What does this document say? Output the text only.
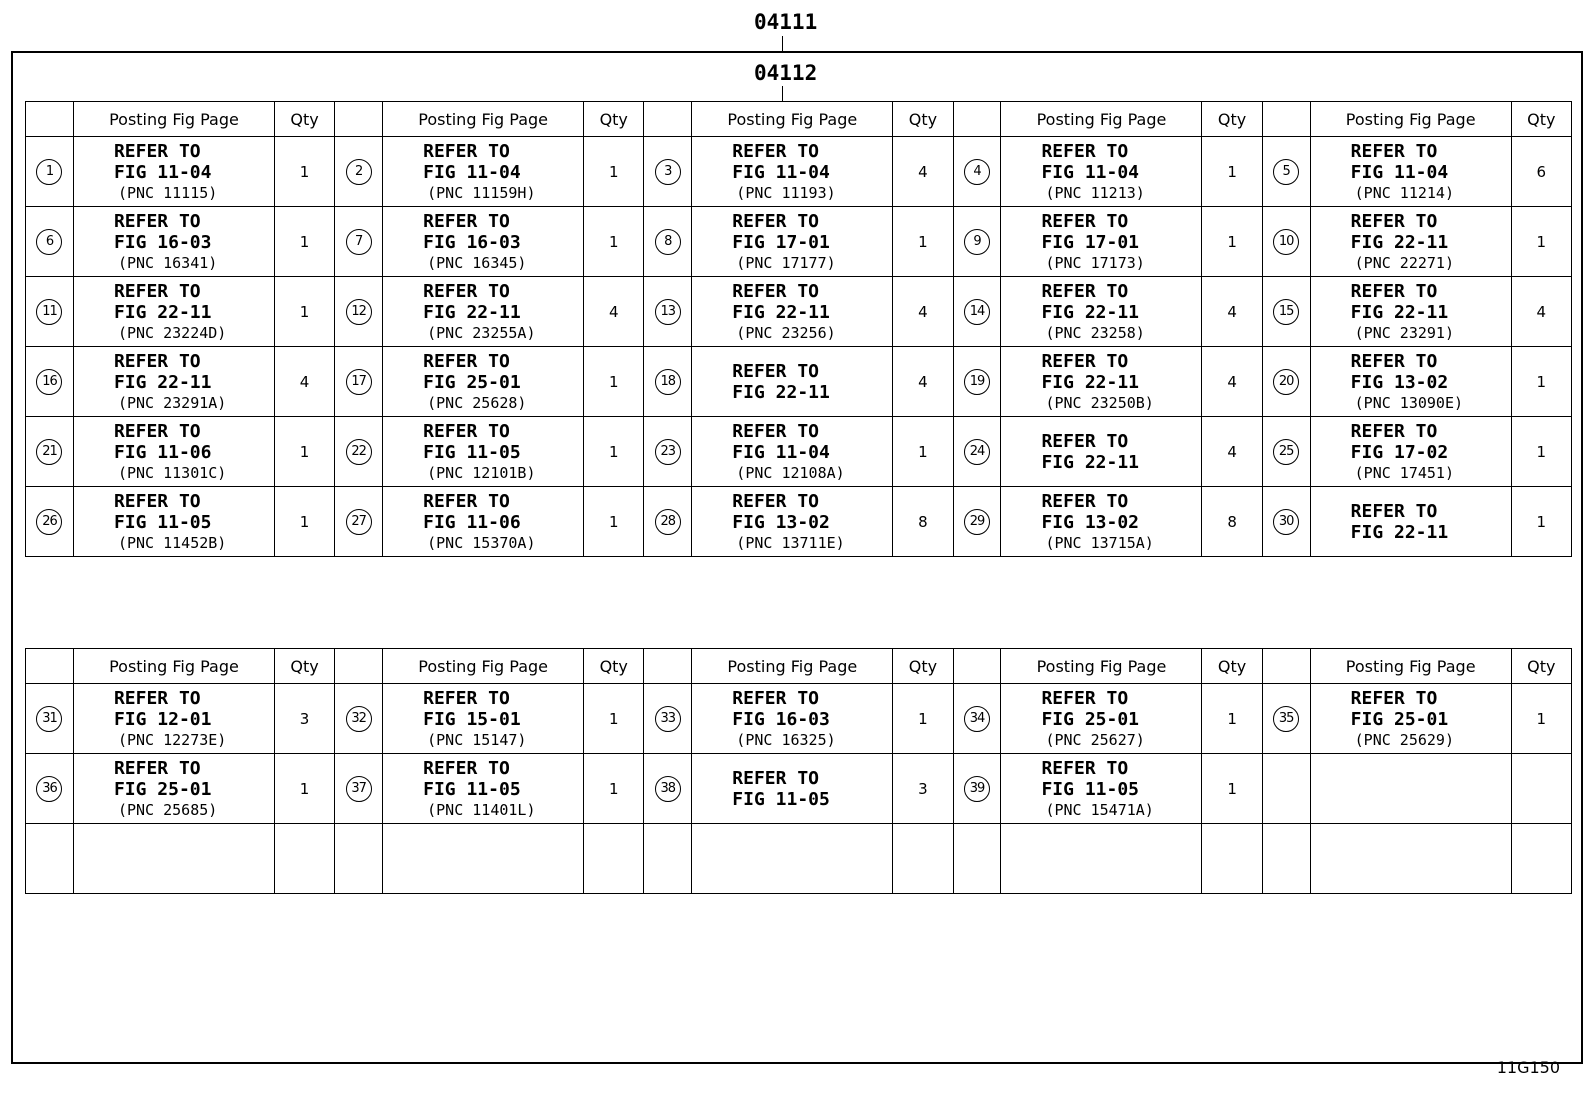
04111
04112
	Posting Fig Page	Qty		Posting Fig Page	Qty		Posting Fig Page	Qty		Posting Fig Page	Qty		Posting Fig Page	Qty
1	REFER TO
FIG 11-04
(PNC 11115)	1	2	REFER TO
FIG 11-04
(PNC 11159H)	1	3	REFER TO
FIG 11-04
(PNC 11193)	4	4	REFER TO
FIG 11-04
(PNC 11213)	1	5	REFER TO
FIG 11-04
(PNC 11214)	6
6	REFER TO
FIG 16-03
(PNC 16341)	1	7	REFER TO
FIG 16-03
(PNC 16345)	1	8	REFER TO
FIG 17-01
(PNC 17177)	1	9	REFER TO
FIG 17-01
(PNC 17173)	1	10	REFER TO
FIG 22-11
(PNC 22271)	1
11	REFER TO
FIG 22-11
(PNC 23224D)	1	12	REFER TO
FIG 22-11
(PNC 23255A)	4	13	REFER TO
FIG 22-11
(PNC 23256)	4	14	REFER TO
FIG 22-11
(PNC 23258)	4	15	REFER TO
FIG 22-11
(PNC 23291)	4
16	REFER TO
FIG 22-11
(PNC 23291A)	4	17	REFER TO
FIG 25-01
(PNC 25628)	1	18	REFER TO
FIG 22-11	4	19	REFER TO
FIG 22-11
(PNC 23250B)	4	20	REFER TO
FIG 13-02
(PNC 13090E)	1
21	REFER TO
FIG 11-06
(PNC 11301C)	1	22	REFER TO
FIG 11-05
(PNC 12101B)	1	23	REFER TO
FIG 11-04
(PNC 12108A)	1	24	REFER TO
FIG 22-11	4	25	REFER TO
FIG 17-02
(PNC 17451)	1
26	REFER TO
FIG 11-05
(PNC 11452B)	1	27	REFER TO
FIG 11-06
(PNC 15370A)	1	28	REFER TO
FIG 13-02
(PNC 13711E)	8	29	REFER TO
FIG 13-02
(PNC 13715A)	8	30	REFER TO
FIG 22-11	1
	Posting Fig Page	Qty		Posting Fig Page	Qty		Posting Fig Page	Qty		Posting Fig Page	Qty		Posting Fig Page	Qty
31	REFER TO
FIG 12-01
(PNC 12273E)	3	32	REFER TO
FIG 15-01
(PNC 15147)	1	33	REFER TO
FIG 16-03
(PNC 16325)	1	34	REFER TO
FIG 25-01
(PNC 25627)	1	35	REFER TO
FIG 25-01
(PNC 25629)	1
36	REFER TO
FIG 25-01
(PNC 25685)	1	37	REFER TO
FIG 11-05
(PNC 11401L)	1	38	REFER TO
FIG 11-05	3	39	REFER TO
FIG 11-05
(PNC 15471A)	1			

11G150
